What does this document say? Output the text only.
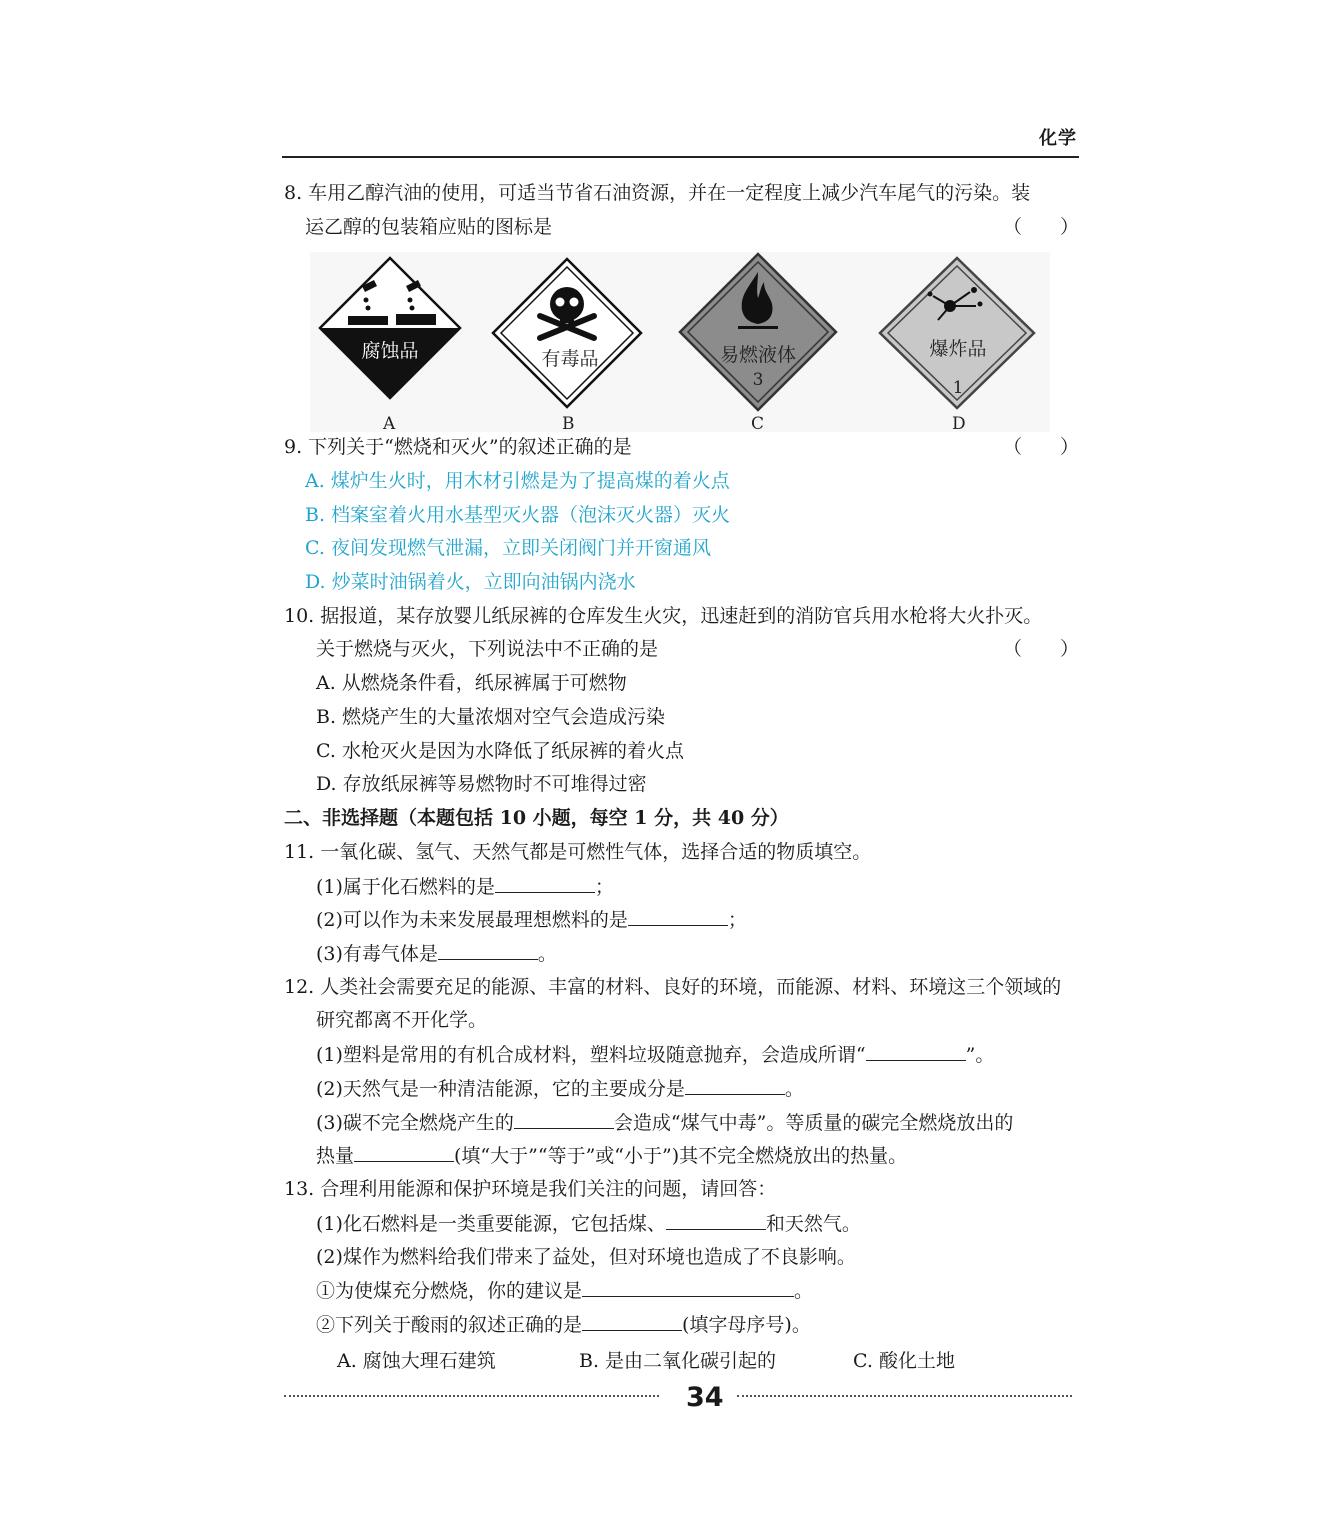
化学
8. 车用乙醇汽油的使用，可适当节省石油资源，并在一定程度上减少汽车尾气的污染。装
运乙醇的包装箱应贴的图标是	（　　）
腐蚀品	有毒品	易燃液体
3
爆炸品
1
A	B	C	D
9. 下列关于“燃烧和灭火”的叙述正确的是	（　　）
A. 煤炉生火时，用木材引燃是为了提高煤的着火点
B. 档案室着火用水基型灭火器（泡沫灭火器）灭火
C. 夜间发现燃气泄漏，立即关闭阀门并开窗通风
D. 炒菜时油锅着火，立即向油锅内浇水
10. 据报道，某存放婴儿纸尿裤的仓库发生火灾，迅速赶到的消防官兵用水枪将大火扑灭。
关于燃烧与灭火，下列说法中不正确的是	（　　）
A. 从燃烧条件看，纸尿裤属于可燃物
B. 燃烧产生的大量浓烟对空气会造成污染
C. 水枪灭火是因为水降低了纸尿裤的着火点
D. 存放纸尿裤等易燃物时不可堆得过密
二、非选择题（本题包括 10 小题，每空 1 分，共 40 分）
11. 一氧化碳、氢气、天然气都是可燃性气体，选择合适的物质填空。
(1)属于化石燃料的是	；
(2)可以作为未来发展最理想燃料的是	；
(3)有毒气体是	。
12. 人类社会需要充足的能源、丰富的材料、良好的环境，而能源、材料、环境这三个领域的
研究都离不开化学。
(1)塑料是常用的有机合成材料，塑料垃圾随意抛弃，会造成所谓“	”。
(2)天然气是一种清洁能源，它的主要成分是	。
(3)碳不完全燃烧产生的	会造成“煤气中毒”。等质量的碳完全燃烧放出的
热量	(填“大于”“等于”或“小于”)其不完全燃烧放出的热量。
13. 合理利用能源和保护环境是我们关注的问题，请回答：
(1)化石燃料是一类重要能源，它包括煤、	和天然气。
(2)煤作为燃料给我们带来了益处，但对环境也造成了不良影响。
①为使煤充分燃烧，你的建议是	。
②下列关于酸雨的叙述正确的是	(填字母序号)。
A. 腐蚀大理石建筑	B. 是由二氧化碳引起的	C. 酸化土地
34
